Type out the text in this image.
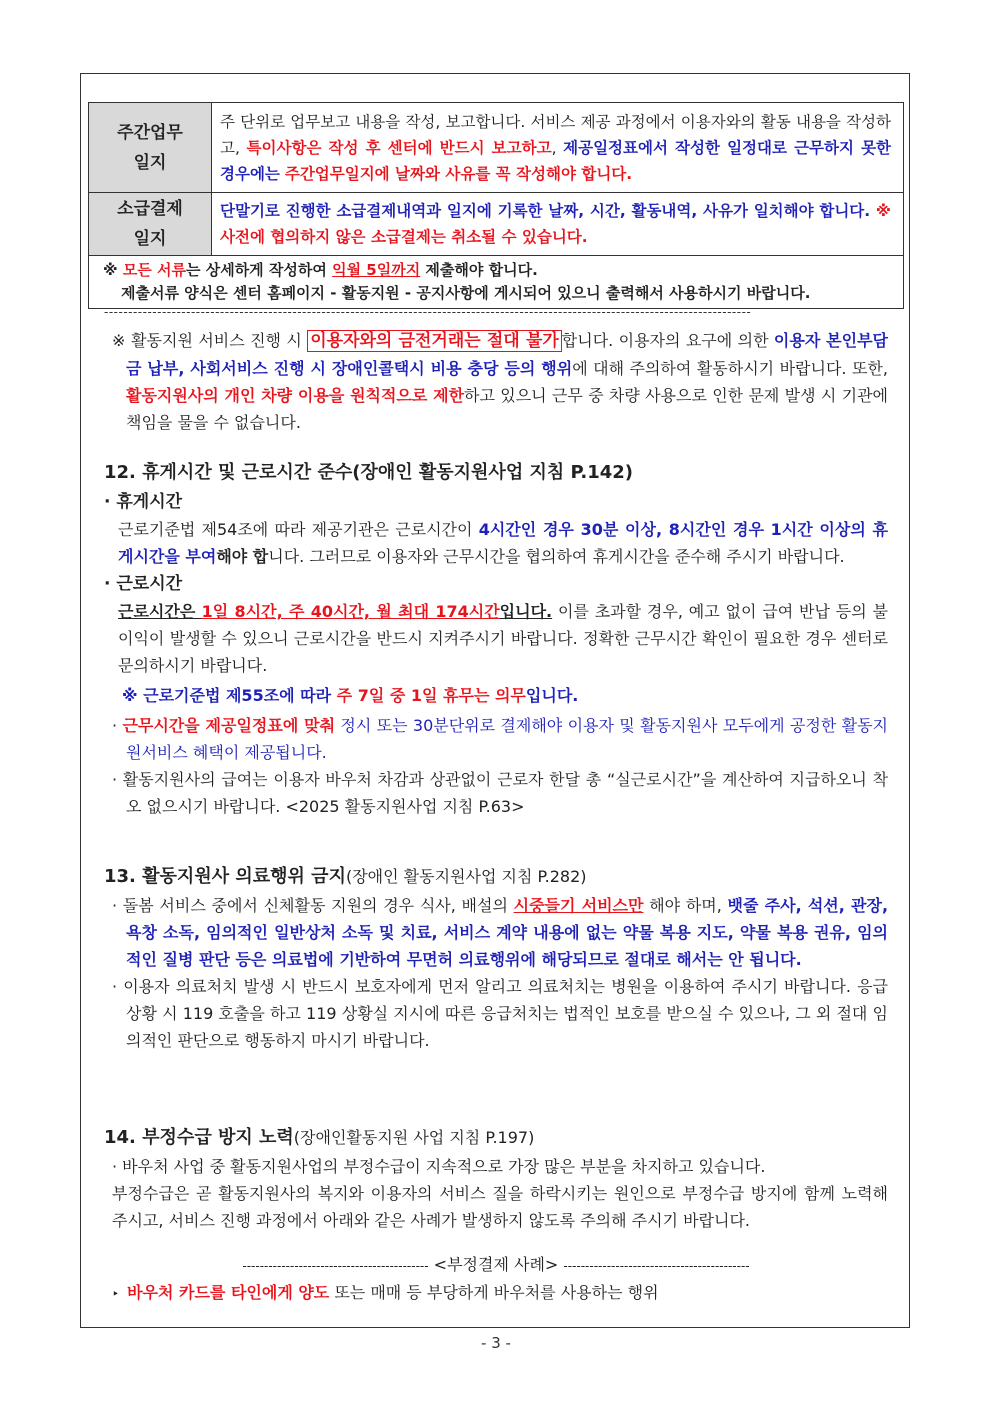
주간업무
일지	주 단위로 업무보고 내용을 작성, 보고합니다. 서비스 제공 과정에서 이용자와의 활동 내용을 작성하고, 특이사항은 작성 후 센터에 반드시 보고하고, 제공일정표에서 작성한 일정대로 근무하지 못한 경우에는 주간업무일지에 날짜와 사유를 꼭 작성해야 합니다.
소급결제
일지	단말기로 진행한 소급결제내역과 일지에 기록한 날짜, 시간, 활동내역, 사유가 일치해야 합니다. ※사전에 협의하지 않은 소급결제는 취소될 수 있습니다.

※ 모든 서류는 상세하게 작성하여 익월 5일까지 제출해야 합니다.
제출서류 양식은 센터 홈페이지 - 활동지원 - 공지사항에 게시되어 있으니 출력해서 사용하시기 바랍니다.	
--------------------------------------------------------------------------------------------------------------------------------------

※ 활동지원 서비스 진행 시 이용자와의 금전거래는 절대 불가 합니다. 이용자의 요구에 의한 이용자 본인부담금 납부, 사회서비스 진행 시 장애인콜택시 비용 충당 등의 행위에 대해 주의하여 활동하시기 바랍니다. 또한, 활동지원사의 개인 차량 이용을 원칙적으로 제한하고 있으니 근무 중 차량 사용으로 인한 문제 발생 시 기관에 책임을 물을 수 없습니다.

12. 휴게시간 및 근로시간 준수(장애인 활동지원사업 지침 P.142)

· 휴게시간

근로기준법 제54조에 따라 제공기관은 근로시간이 4시간인 경우 30분 이상, 8시간인 경우 1시간 이상의 휴게시간을 부여해야 합니다. 그러므로 이용자와 근무시간을 협의하여 휴게시간을 준수해 주시기 바랍니다.

· 근로시간

근로시간은 1일 8시간, 주 40시간, 월 최대 174시간입니다. 이를 초과할 경우, 예고 없이 급여 반납 등의 불이익이 발생할 수 있으니 근로시간을 반드시 지켜주시기 바랍니다. 정확한 근무시간 확인이 필요한 경우 센터로 문의하시기 바랍니다.

※ 근로기준법 제55조에 따라 주 7일 중 1일 휴무는 의무입니다.

· 근무시간을 제공일정표에 맞춰 정시 또는 30분단위로 결제해야 이용자 및 활동지원사 모두에게 공정한 활동지원서비스 혜택이 제공됩니다.

· 활동지원사의 급여는 이용자 바우처 차감과 상관없이 근로자 한달 총 “실근로시간”을 계산하여 지급하오니 착오 없으시기 바랍니다. <2025 활동지원사업 지침 P.63>

13. 활동지원사 의료행위 금지(장애인 활동지원사업 지침 P.282)

· 돌봄 서비스 중에서 신체활동 지원의 경우 식사, 배설의 시중들기 서비스만 해야 하며, 뱃줄 주사, 석션, 관장, 욕창 소독, 임의적인 일반상처 소독 및 치료, 서비스 계약 내용에 없는 약물 복용 지도, 약물 복용 권유, 임의적인 질병 판단 등은 의료법에 기반하여 무면허 의료행위에 해당되므로 절대로 해서는 안 됩니다.

· 이용자 의료처치 발생 시 반드시 보호자에게 먼저 알리고 의료처치는 병원을 이용하여 주시기 바랍니다. 응급상황 시 119 호출을 하고 119 상황실 지시에 따른 응급처치는 법적인 보호를 받으실 수 있으나, 그 외 절대 임의적인 판단으로 행동하지 마시기 바랍니다.

14. 부정수급 방지 노력(장애인활동지원 사업 지침 P.197)

· 바우처 사업 중 활동지원사업의 부정수급이 지속적으로 가장 많은 부분을 차지하고 있습니다.

부정수급은 곧 활동지원사의 복지와 이용자의 서비스 질을 하락시키는 원인으로 부정수급 방지에 함께 노력해 주시고, 서비스 진행 과정에서 아래와 같은 사례가 발생하지 않도록 주의해 주시기 바랍니다.

------------------------------------------- <부정결제 사례> -------------------------------------------

‣ 바우처 카드를 타인에게 양도 또는 매매 등 부당하게 바우처를 사용하는 행위

- 3 -
